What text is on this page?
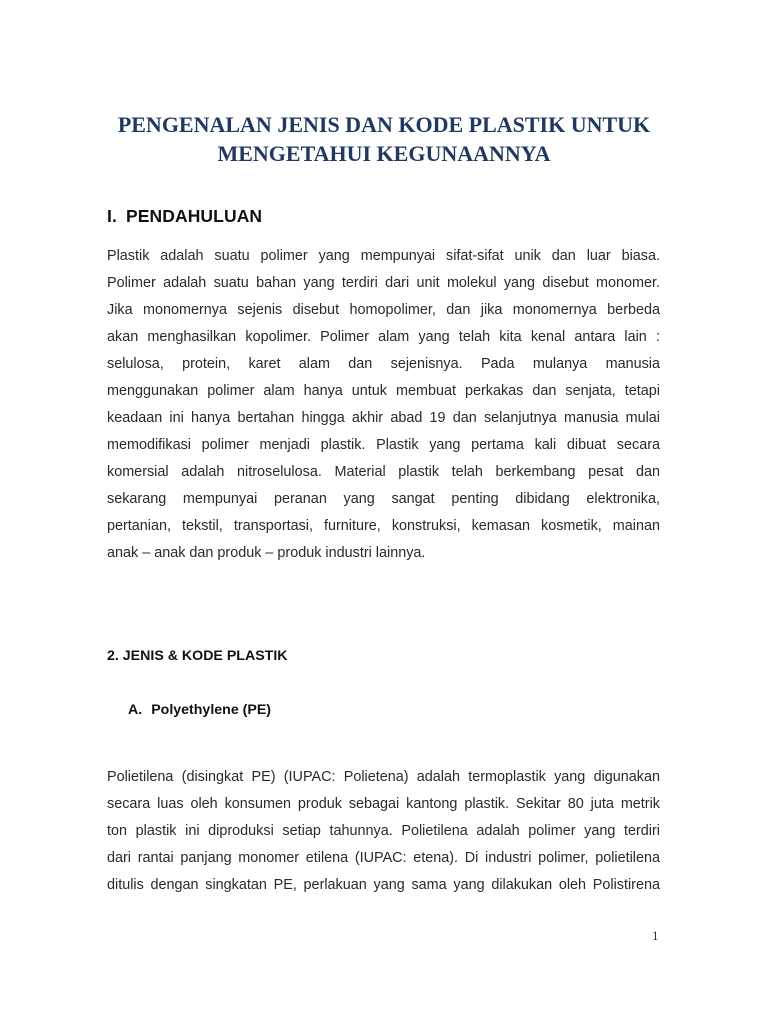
PENGENALAN JENIS DAN KODE PLASTIK UNTUK
MENGETAHUI KEGUNAANNYA
I. PENDAHULUAN
Plastik adalah suatu polimer yang mempunyai sifat-sifat unik dan luar biasa.
Polimer adalah suatu bahan yang terdiri dari unit molekul yang disebut monomer.
Jika monomernya sejenis disebut homopolimer, dan jika monomernya berbeda
akan menghasilkan kopolimer. Polimer alam yang telah kita kenal antara lain :
selulosa, protein, karet alam dan sejenisnya. Pada mulanya manusia
menggunakan polimer alam hanya untuk membuat perkakas dan senjata, tetapi
keadaan ini hanya bertahan hingga akhir abad 19 dan selanjutnya manusia mulai
memodifikasi polimer menjadi plastik. Plastik yang pertama kali dibuat secara
komersial adalah nitroselulosa. Material plastik telah berkembang pesat dan
sekarang mempunyai peranan yang sangat penting dibidang elektronika,
pertanian, tekstil, transportasi, furniture, konstruksi, kemasan kosmetik, mainan
anak – anak dan produk – produk industri lainnya.
2. JENIS & KODE PLASTIK
A. Polyethylene (PE)
Polietilena (disingkat PE) (IUPAC: Polietena) adalah termoplastik yang digunakan
secara luas oleh konsumen produk sebagai kantong plastik. Sekitar 80 juta metrik
ton plastik ini diproduksi setiap tahunnya. Polietilena adalah polimer yang terdiri
dari rantai panjang monomer etilena (IUPAC: etena). Di industri polimer, polietilena
ditulis dengan singkatan PE, perlakuan yang sama yang dilakukan oleh Polistirena
1
